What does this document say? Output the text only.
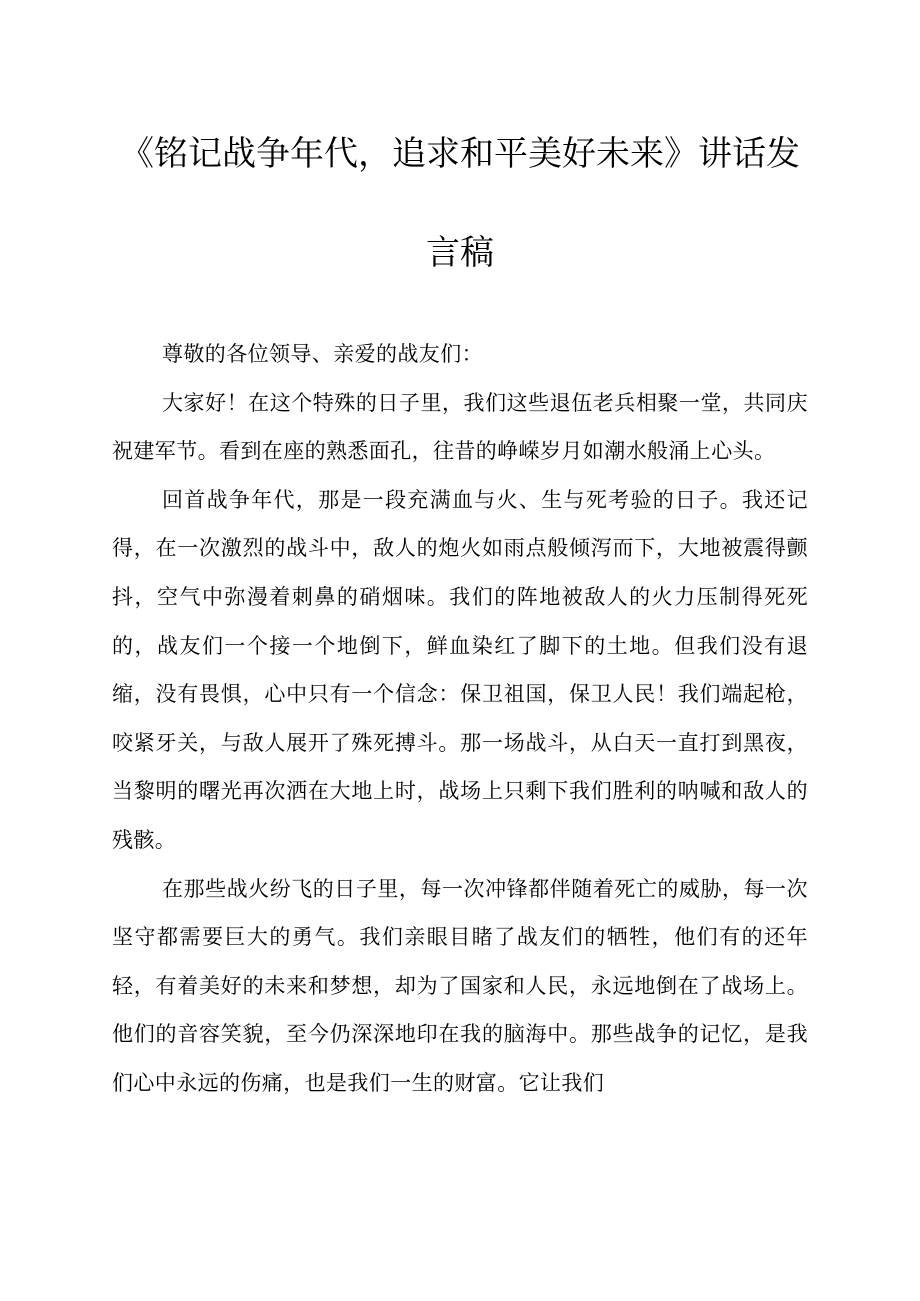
《铭记战争年代，追求和平美好未来》讲话发
言稿

尊敬的各位领导、亲爱的战友们：

大家好！在这个特殊的日子里，我们这些退伍老兵相聚一堂，共同庆祝建军节。看到在座的熟悉面孔，往昔的峥嵘岁月如潮水般涌上心头。

回首战争年代，那是一段充满血与火、生与死考验的日子。我还记得，在一次激烈的战斗中，敌人的炮火如雨点般倾泻而下，大地被震得颤抖，空气中弥漫着刺鼻的硝烟味。我们的阵地被敌人的火力压制得死死的，战友们一个接一个地倒下，鲜血染红了脚下的土地。但我们没有退缩，没有畏惧，心中只有一个信念：保卫祖国，保卫人民！我们端起枪，咬紧牙关，与敌人展开了殊死搏斗。那一场战斗，从白天一直打到黑夜，当黎明的曙光再次洒在大地上时，战场上只剩下我们胜利的呐喊和敌人的残骸。

在那些战火纷飞的日子里，每一次冲锋都伴随着死亡的威胁，每一次坚守都需要巨大的勇气。我们亲眼目睹了战友们的牺牲，他们有的还年轻，有着美好的未来和梦想，却为了国家和人民，永远地倒在了战场上。他们的音容笑貌，至今仍深深地印在我的脑海中。那些战争的记忆，是我们心中永远的伤痛，也是我们一生的财富。它让我们
